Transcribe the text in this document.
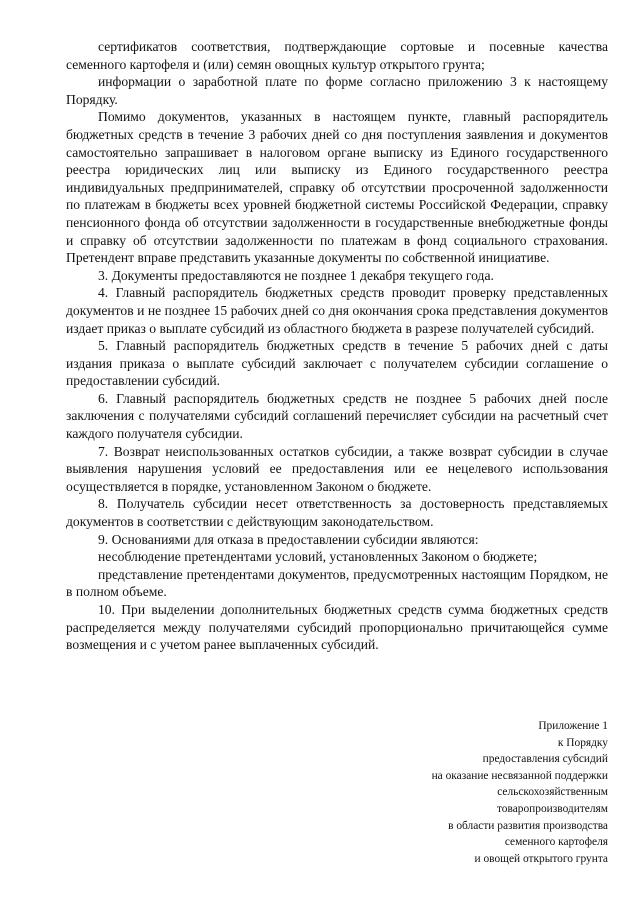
сертификатов соответствия, подтверждающие сортовые и посевные качества семенного картофеля и (или) семян овощных культур открытого грунта;

информации о заработной плате по форме согласно приложению 3 к настоящему Порядку.

Помимо документов, указанных в настоящем пункте, главный распорядитель бюджетных средств в течение 3 рабочих дней со дня поступления заявления и документов самостоятельно запрашивает в налоговом органе выписку из Единого государственного реестра юридических лиц или выписку из Единого государственного реестра индивидуальных предпринимателей, справку об отсутствии просроченной задолженности по платежам в бюджеты всех уровней бюджетной системы Российской Федерации, справку пенсионного фонда об отсутствии задолженности в государственные внебюджетные фонды и справку об отсутствии задолженности по платежам в фонд социального страхования. Претендент вправе представить указанные документы по собственной инициативе.

3. Документы предоставляются не позднее 1 декабря текущего года.

4. Главный распорядитель бюджетных средств проводит проверку представленных документов и не позднее 15 рабочих дней со дня окончания срока представления документов издает приказ о выплате субсидий из областного бюджета в разрезе получателей субсидий.

5. Главный распорядитель бюджетных средств в течение 5 рабочих дней с даты издания приказа о выплате субсидий заключает с получателем субсидии соглашение о предоставлении субсидий.

6. Главный распорядитель бюджетных средств не позднее 5 рабочих дней после заключения с получателями субсидий соглашений перечисляет субсидии на расчетный счет каждого получателя субсидии.

7. Возврат неиспользованных остатков субсидии, а также возврат субсидии в случае выявления нарушения условий ее предоставления или ее нецелевого использования осуществляется в порядке, установленном Законом о бюджете.

8. Получатель субсидии несет ответственность за достоверность представляемых документов в соответствии с действующим законодательством.

9. Основаниями для отказа в предоставлении субсидии являются:

несоблюдение претендентами условий, установленных Законом о бюджете;

представление претендентами документов, предусмотренных настоящим Порядком, не в полном объеме.

10. При выделении дополнительных бюджетных средств сумма бюджетных средств распределяется между получателями субсидий пропорционально причитающейся сумме возмещения и с учетом ранее выплаченных субсидий.

Приложение 1
к Порядку
предоставления субсидий
на оказание несвязанной поддержки
сельскохозяйственным
товаропроизводителям
в области развития производства
семенного картофеля
и овощей открытого грунта
